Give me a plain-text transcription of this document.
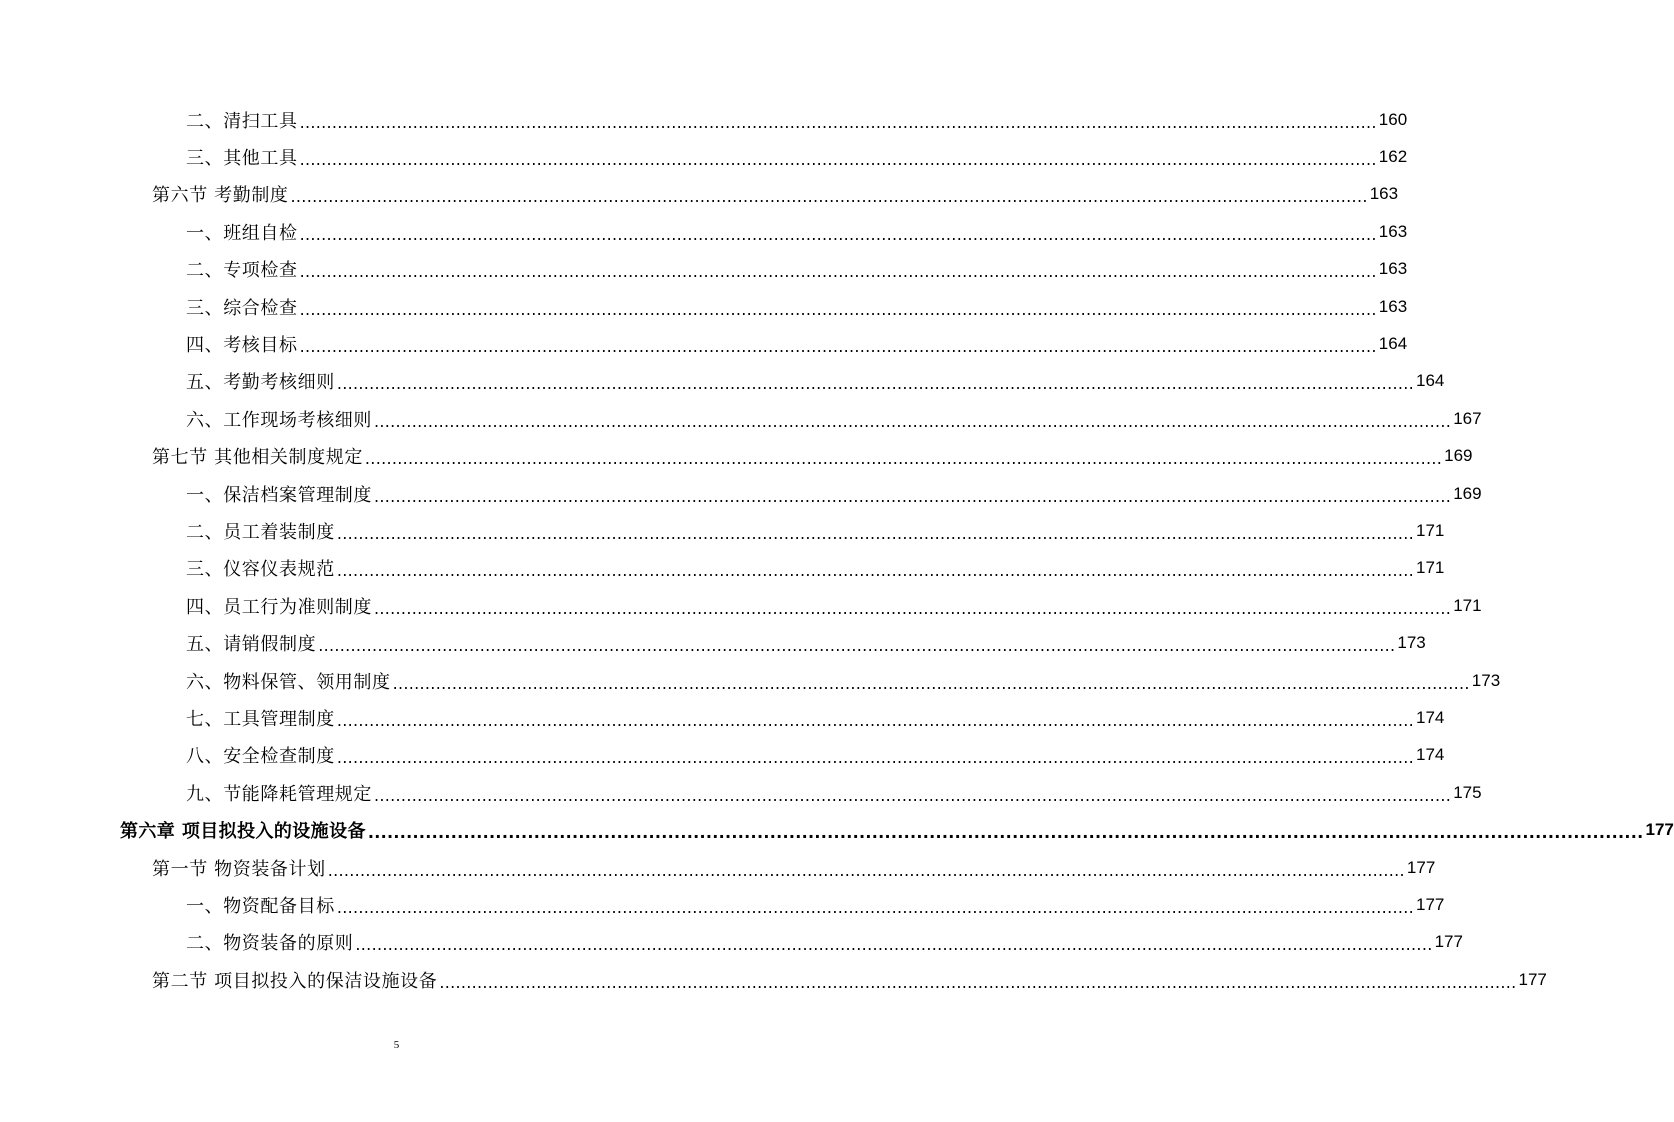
二、清扫工具 ........................................................................................................................................................................................................ 160
三、其他工具 ........................................................................................................................................................................................................ 162
第六节 考勤制度 ........................................................................................................................................................................................................ 163
一、班组自检 ........................................................................................................................................................................................................ 163
二、专项检查 ........................................................................................................................................................................................................ 163
三、综合检查 ........................................................................................................................................................................................................ 163
四、考核目标 ........................................................................................................................................................................................................ 164
五、考勤考核细则 ........................................................................................................................................................................................................ 164
六、工作现场考核细则 ........................................................................................................................................................................................................ 167
第七节 其他相关制度规定 ........................................................................................................................................................................................................ 169
一、保洁档案管理制度 ........................................................................................................................................................................................................ 169
二、员工着装制度 ........................................................................................................................................................................................................ 171
三、仪容仪表规范 ........................................................................................................................................................................................................ 171
四、员工行为准则制度 ........................................................................................................................................................................................................ 171
五、请销假制度 ........................................................................................................................................................................................................ 173
六、物料保管、领用制度 ........................................................................................................................................................................................................ 173
七、工具管理制度 ........................................................................................................................................................................................................ 174
八、安全检查制度 ........................................................................................................................................................................................................ 174
九、节能降耗管理规定 ........................................................................................................................................................................................................ 175
第六章 项目拟投入的设施设备 ........................................................................................................................................................................................................ 177
第一节 物资装备计划 ........................................................................................................................................................................................................ 177
一、物资配备目标 ........................................................................................................................................................................................................ 177
二、物资装备的原则 ........................................................................................................................................................................................................ 177
第二节 项目拟投入的保洁设施设备 ........................................................................................................................................................................................................ 177
5
